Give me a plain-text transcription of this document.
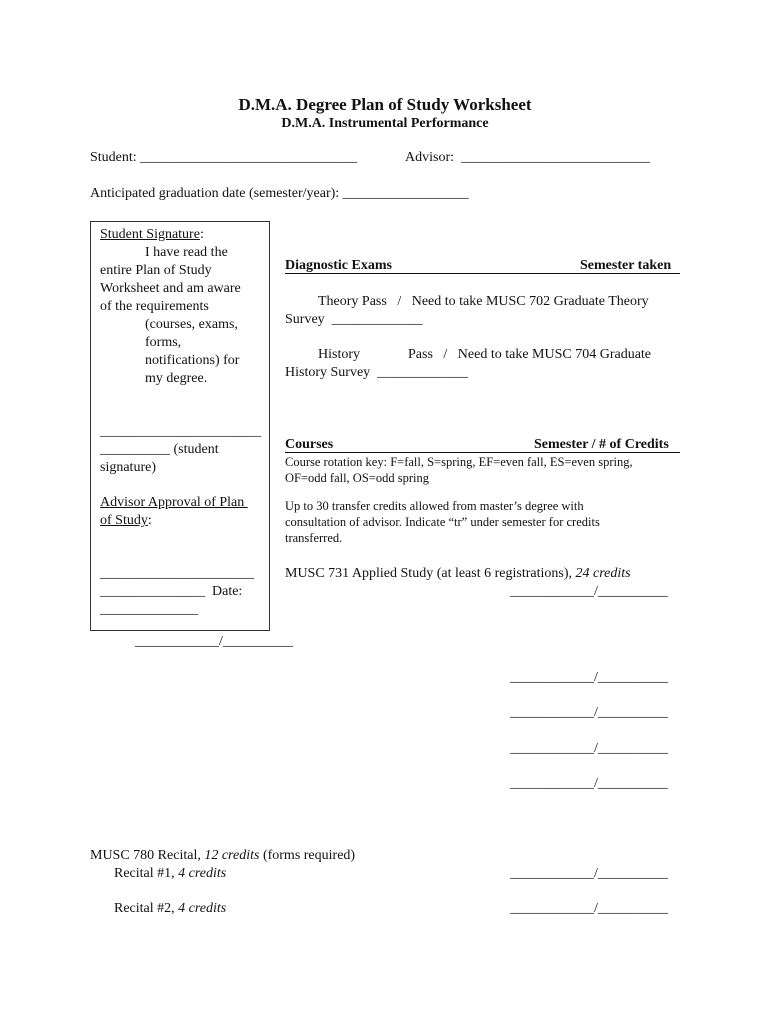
D.M.A. Degree Plan of Study Worksheet
D.M.A. Instrumental Performance
Student: _______________________________	Advisor:  ___________________________
Anticipated graduation date (semester/year): __________________
Student Signature:
I have read the
entire Plan of Study
Worksheet and am aware
of the requirements
(courses, exams,
forms,
notifications) for
my degree.
_______________________
__________ (student
signature)
Advisor Approval of Plan
of Study:
______________________
_______________  Date:
______________
Diagnostic Exams	Semester taken
Theory Pass   /   Need to take MUSC 702 Graduate Theory
Survey  _____________
History	Pass   /   Need to take MUSC 704 Graduate
History Survey  _____________
Courses	Semester / # of Credits
Course rotation key: F=fall, S=spring, EF=even fall, ES=even spring,
OF=odd fall, OS=odd spring
Up to 30 transfer credits allowed from master’s degree with
consultation of advisor. Indicate “tr” under semester for credits
transferred.
MUSC 731 Applied Study (at least 6 registrations), 24 credits
____________/__________
____________/__________
____________/__________
____________/__________
____________/__________
____________/__________
MUSC 780 Recital, 12 credits (forms required)
Recital #1, 4 credits	____________/__________
Recital #2, 4 credits	____________/__________
